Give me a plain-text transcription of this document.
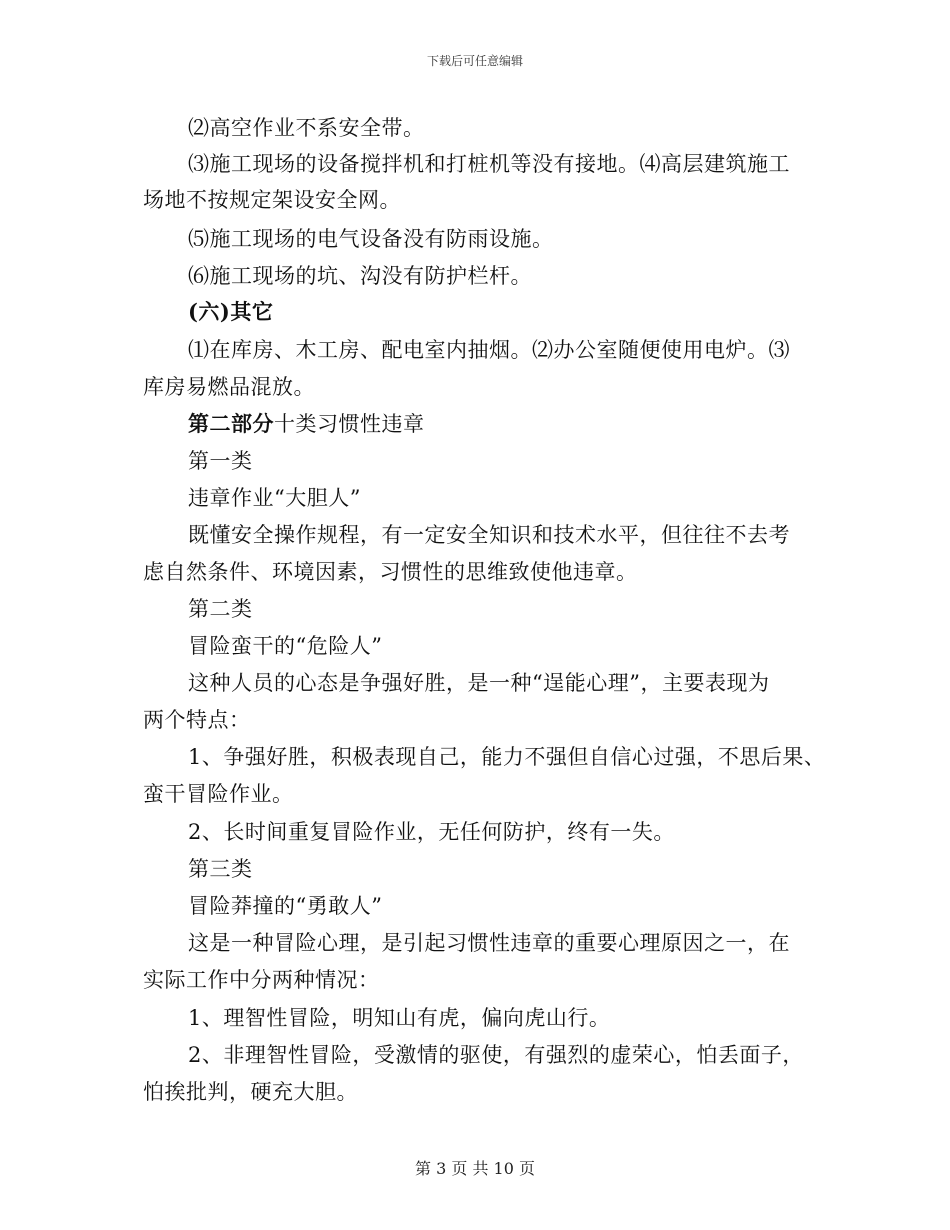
下载后可任意编辑
⑵高空作业不系安全带。
⑶施工现场的设备搅拌机和打桩机等没有接地。⑷高层建筑施工
场地不按规定架设安全网。
⑸施工现场的电气设备没有防雨设施。
⑹施工现场的坑、沟没有防护栏杆。
(六)其它
⑴在库房、木工房、配电室内抽烟。⑵办公室随便使用电炉。⑶
库房易燃品混放。
第二部分十类习惯性违章
第一类
违章作业“大胆人”
既懂安全操作规程，有一定安全知识和技术水平，但往往不去考
虑自然条件、环境因素，习惯性的思维致使他违章。
第二类
冒险蛮干的“危险人”
这种人员的心态是争强好胜，是一种“逞能心理”，主要表现为
两个特点：
1、争强好胜，积极表现自己，能力不强但自信心过强，不思后果、
蛮干冒险作业。
2、长时间重复冒险作业，无任何防护，终有一失。
第三类
冒险莽撞的“勇敢人”
这是一种冒险心理，是引起习惯性违章的重要心理原因之一，在
实际工作中分两种情况：
1、理智性冒险，明知山有虎，偏向虎山行。
2、非理智性冒险，受激情的驱使，有强烈的虚荣心，怕丢面子，
怕挨批判，硬充大胆。
第 3 页 共 10 页
